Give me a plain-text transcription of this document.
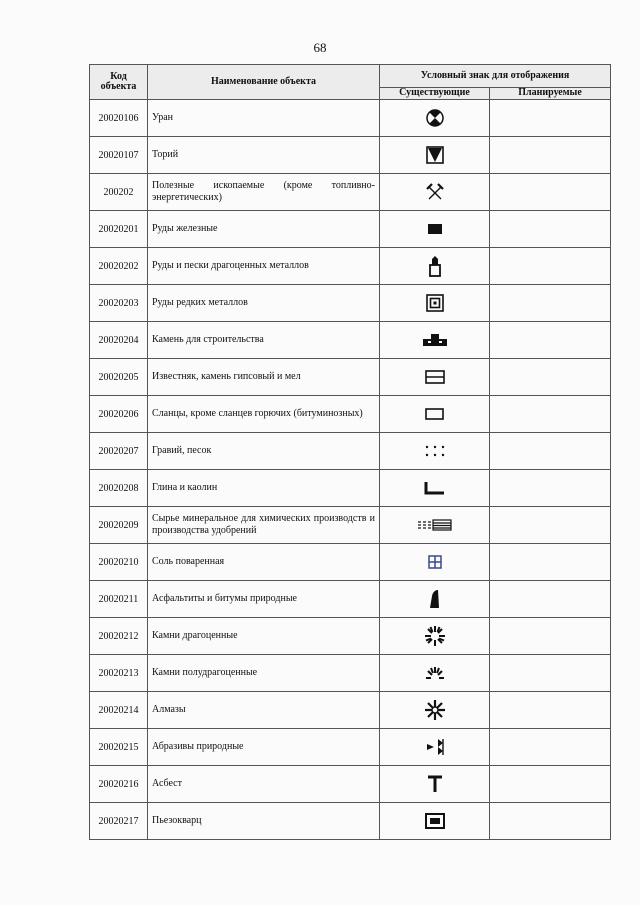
68
Код объекта	Наименование объекта	Условный знак для отображения	
		Существующие	Планируемые
20020106	Уран	

20020107	Торий	

200202	Полезные ископаемые (кроме топливно-энергетических)	

20020201	Руды железные	

20020202	Руды и пески драгоценных металлов	

20020203	Руды редких металлов	

20020204	Камень для строительства	

20020205	Известняк, камень гипсовый и мел	

20020206	Сланцы, кроме сланцев горючих (битуминозных)	

20020207	Гравий, песок	

20020208	Глина и каолин	

20020209	Сырье минеральное для химических производств и производства удобрений	

20020210	Соль поваренная	

20020211	Асфальтиты и битумы природные	

20020212	Камни драгоценные	

20020213	Камни полудрагоценные	

20020214	Алмазы	

20020215	Абразивы природные	

20020216	Асбест	

20020217	Пьезокварц	
